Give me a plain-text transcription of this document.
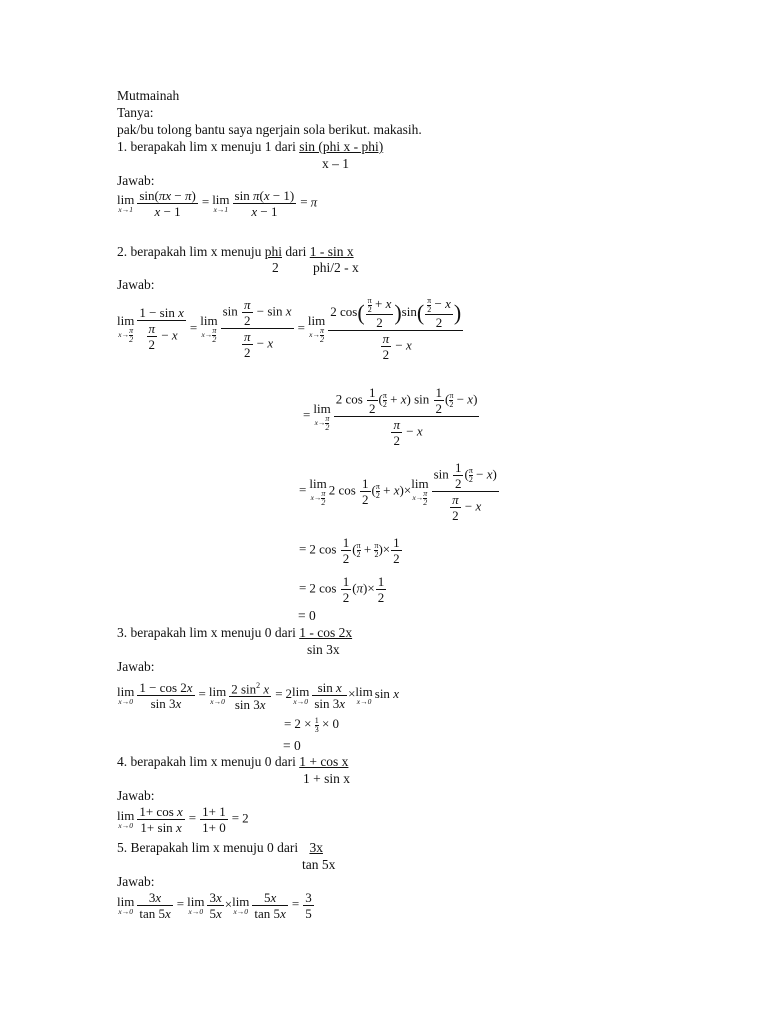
Mutmainah
Tanya:
pak/bu tolong bantu saya ngerjain sola berikut. makasih.
1. berapakah lim x menuju 1 dari sin (phi x - phi)
x – 1
Jawab:
lim
$x\to 1 \frac{\sin(\pi x - \pi)}{x - 1} = \lim$
$x\to 1 \frac{\text{sin π(x − 1)}}{x - 1} = \pi$
2. berapakah lim x menuju phi dari 1 - sin x
2	phi/2 - x
Jawab:
lim
$x\to \frac{\pi}{2} \frac{\text{1 − sin x}}{\frac{\pi}{2} - x} = \lim$
$x\to \frac{\pi}{2} \frac{\sin \frac{\pi}{2} - \sin x}{\frac{\pi}{2} - x} = \lim$
$x\to \frac{\pi}{2} \frac{2 \cos( \frac{\frac{\pi}{2} + x}{2} )\sin( \frac{\frac{\pi}{2} - x}{2} )}{\frac{\pi}{2} - x}$
= lim
$x\to \frac{\pi}{2} \frac{2 \cos \frac{1}{2} ( \frac{\pi}{2} + x) \sin \frac{1}{2} ( \frac{\pi}{2} - x)}{\frac{\pi}{2} - x}$
= lim
$x\to \frac{\pi}{2} 2$ $\cos \frac{1}{2}$ ( $\frac{\pi}{2} + x)\times \lim$
$x\to \frac{\pi}{2} \frac{\sin \frac{1}{2} ( \frac{\pi}{2} - x)}{\frac{\pi}{2} - x}$
= 2 $\cos \frac{1}{2}$ ( $\frac{\pi}{2} + \frac{\pi}{2}$ )× $\frac{1}{2}$
= 2 $\cos \frac{1}{2} (\pi)\times \frac{1}{2}$
= 0
3. berapakah lim x menuju 0 dari 1 - cos 2x
sin 3x
Jawab:
lim
$x\to 0 \frac{1 - \cos 2x}{\sin 3x} = \lim$
$x\to 0 \frac{2 \sin^2 x}{\sin 3x} = 2$ lim
$x\to 0 \frac{\text{sin x}}{\sin 3x} \times \lim$
x→0
sin x
= $2 \times \frac{1}{3} \times 0$
= 0
4. berapakah lim x menuju 0 dari 1 + cos x
1 + sin x
Jawab:
lim
$x\to 0 \frac{\text{1+ cos x}}{\text{1+ sin x}} = \frac{1+ 1}{1+ 0} = 2$
5. Berapakah lim x menuju 0 dari 3x
tan 5x
Jawab:
lim
$x\to 0 \frac{3x}{\tan 5x} = \lim$
$x\to 0 \frac{3x}{5x} \times \lim$
$x\to 0 \frac{5x}{\tan 5x} = \frac{3}{5}$
